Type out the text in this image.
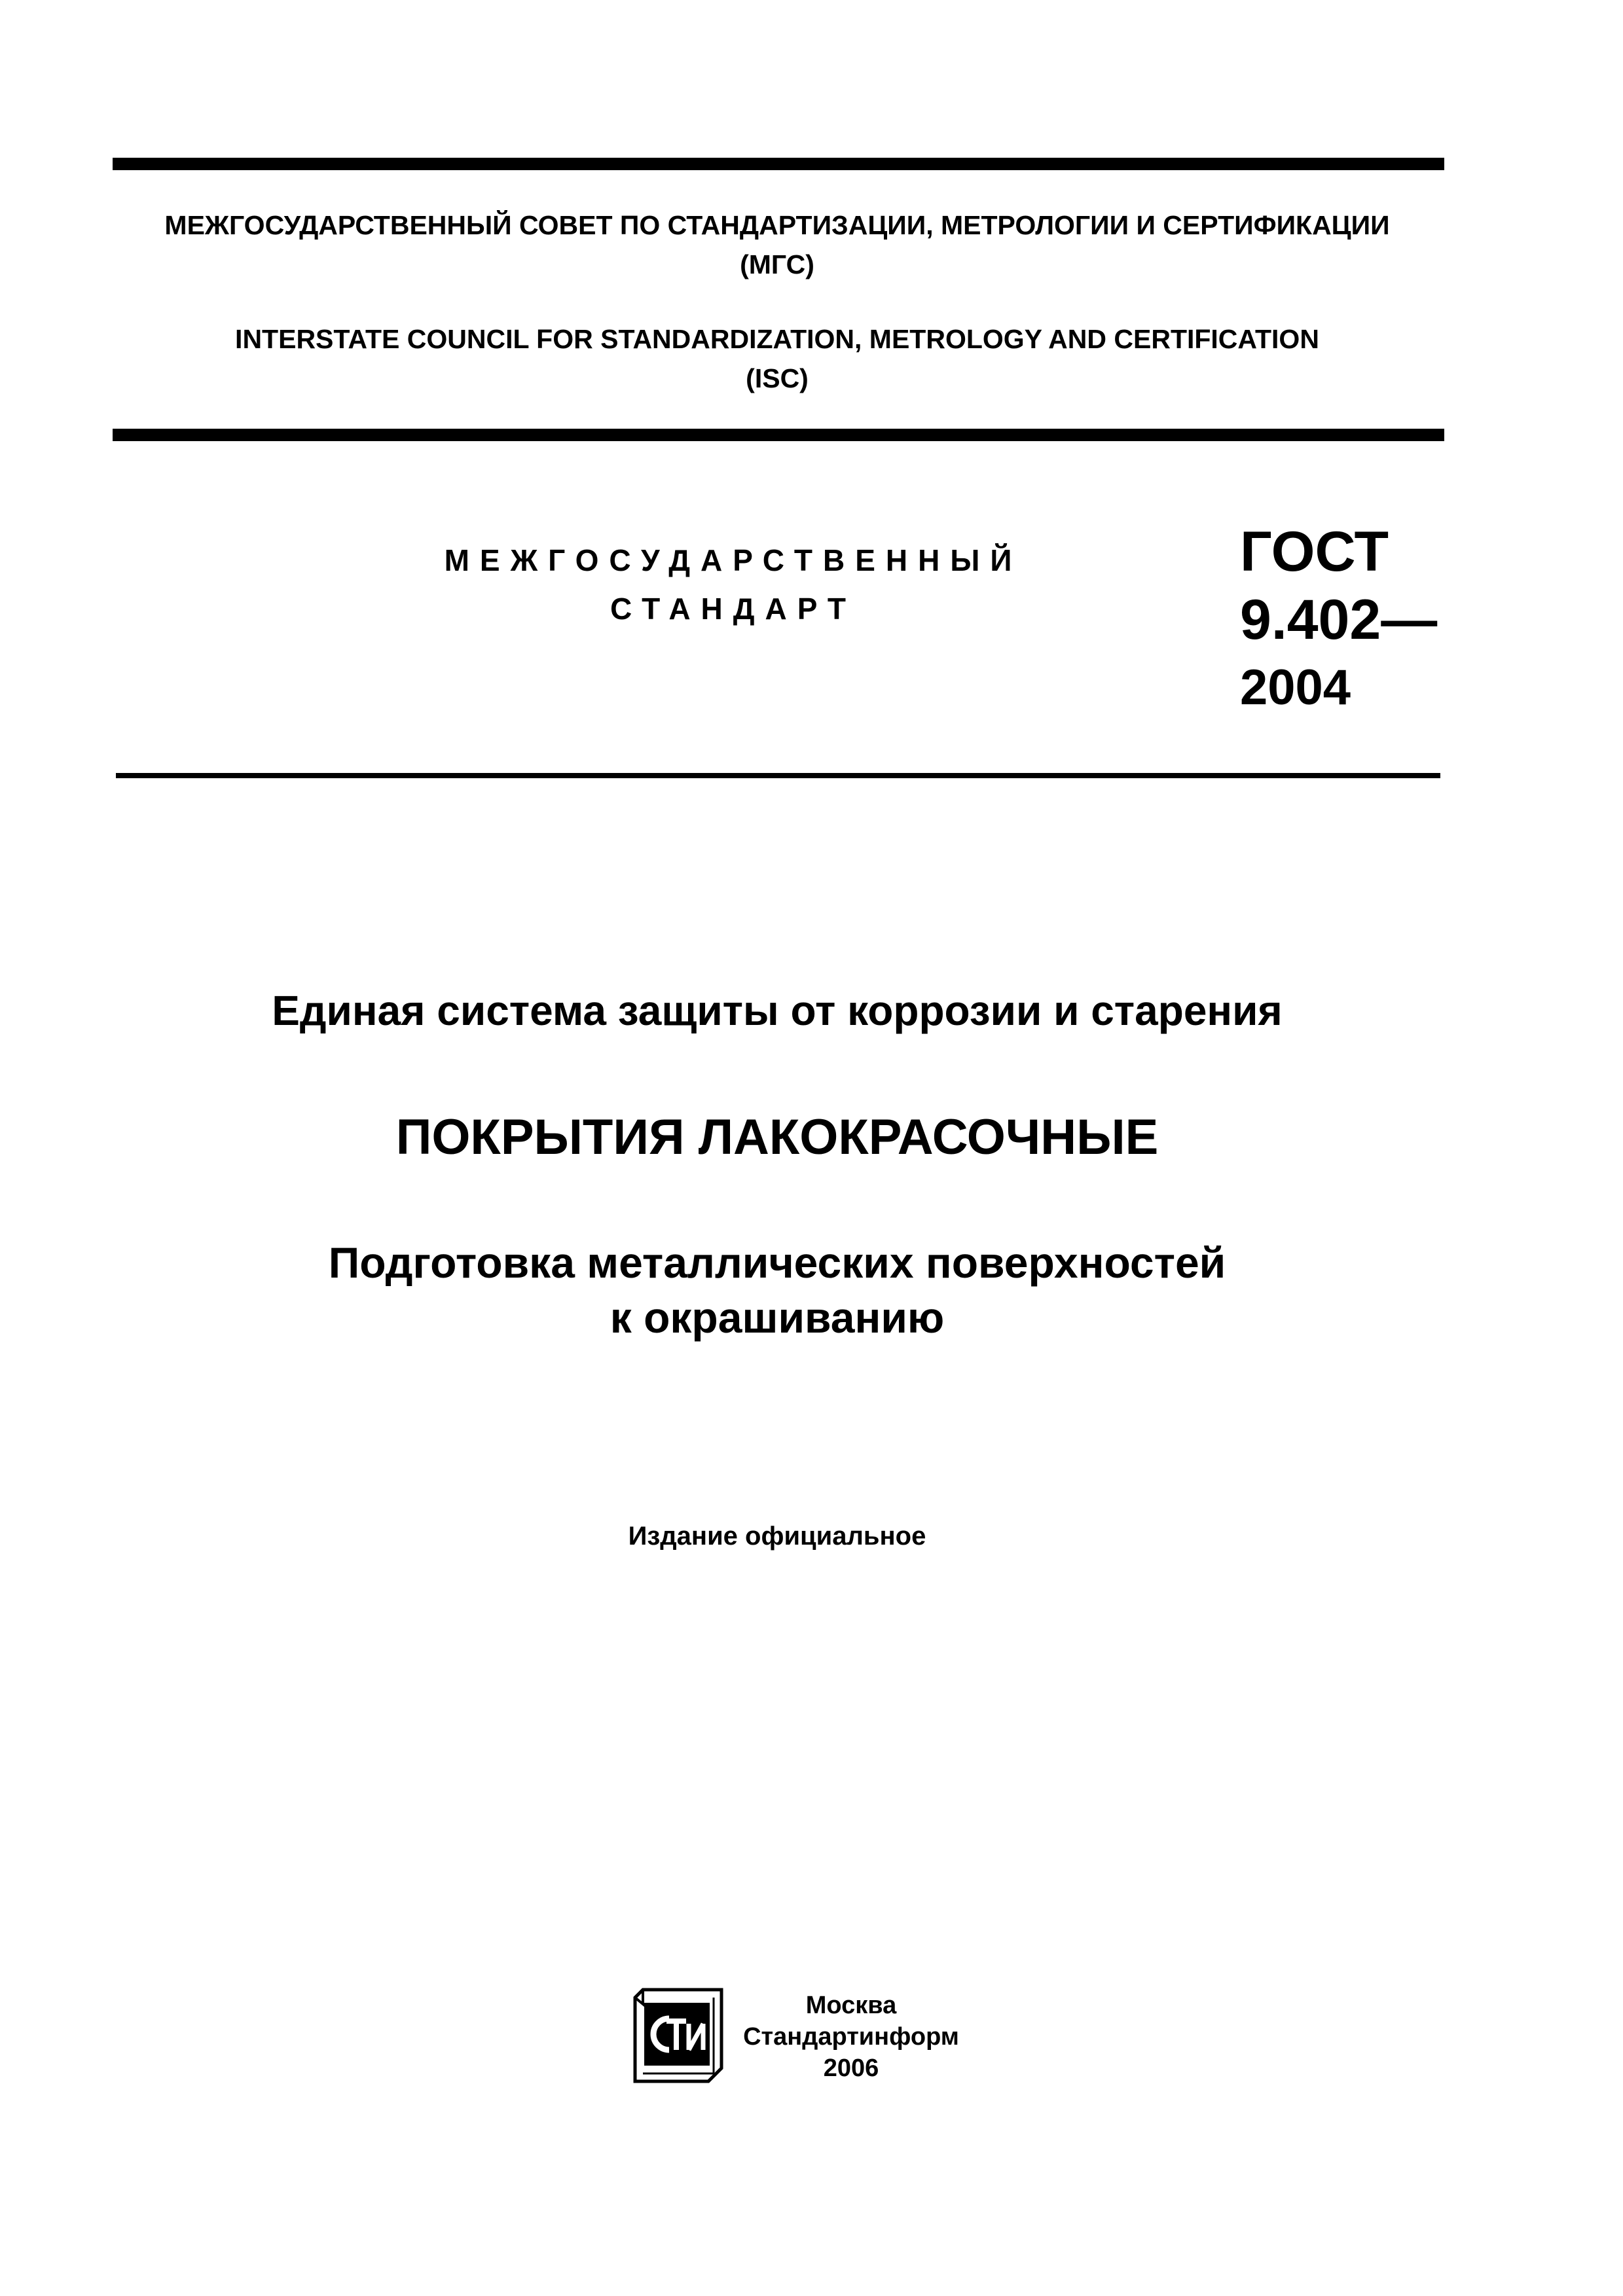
МЕЖГОСУДАРСТВЕННЫЙ СОВЕТ ПО СТАНДАРТИЗАЦИИ, МЕТРОЛОГИИ И СЕРТИФИКАЦИИ
(МГС)
INTERSTATE COUNCIL FOR STANDARDIZATION, METROLOGY AND CERTIFICATION
(ISC)
МЕЖГОСУДАРСТВЕННЫЙ
СТАНДАРТ
ГОСТ
9.402—
2004
Единая система защиты от коррозии и старения
ПОКРЫТИЯ ЛАКОКРАСОЧНЫЕ
Подготовка металлических поверхностей
к окрашиванию
Издание официальное
Москва
Стандартинформ
2006
